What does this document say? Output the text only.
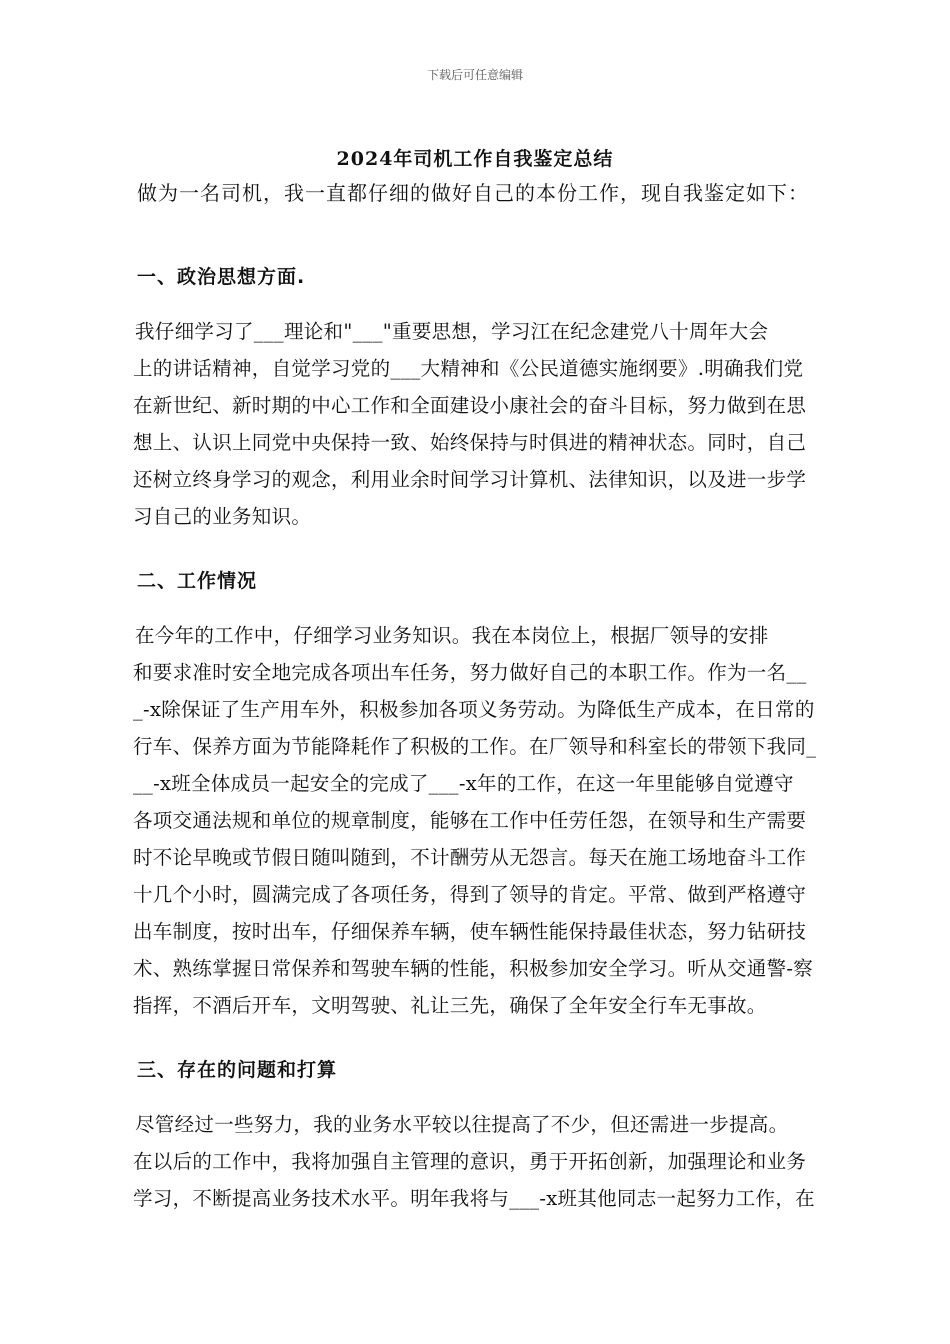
下载后可任意编辑
2024年司机工作自我鉴定总结
做为一名司机，我一直都仔细的做好自己的本份工作，现自我鉴定如下：
一、政治思想方面.
我仔细学习了___理论和"___"重要思想，学习江在纪念建党八十周年大会
上的讲话精神，自觉学习党的___大精神和《公民道德实施纲要》.明确我们党
在新世纪、新时期的中心工作和全面建设小康社会的奋斗目标，努力做到在思
想上、认识上同党中央保持一致、始终保持与时俱进的精神状态。同时，自己
还树立终身学习的观念，利用业余时间学习计算机、法律知识，以及进一步学
习自己的业务知识。
二、工作情况
在今年的工作中，仔细学习业务知识。我在本岗位上，根据厂领导的安排
和要求准时安全地完成各项出车任务，努力做好自己的本职工作。作为一名__
_-x除保证了生产用车外，积极参加各项义务劳动。为降低生产成本，在日常的
行车、保养方面为节能降耗作了积极的工作。在厂领导和科室长的带领下我同_
__-x班全体成员一起安全的完成了___-x年的工作，在这一年里能够自觉遵守
各项交通法规和单位的规章制度，能够在工作中任劳任怨，在领导和生产需要
时不论早晚或节假日随叫随到，不计酬劳从无怨言。每天在施工场地奋斗工作
十几个小时，圆满完成了各项任务，得到了领导的肯定。平常、做到严格遵守
出车制度，按时出车，仔细保养车辆，使车辆性能保持最佳状态，努力钻研技
术、熟练掌握日常保养和驾驶车辆的性能，积极参加安全学习。听从交通警-察
指挥，不酒后开车，文明驾驶、礼让三先，确保了全年安全行车无事故。
三、存在的问题和打算
尽管经过一些努力，我的业务水平较以往提高了不少，但还需进一步提高。
在以后的工作中，我将加强自主管理的意识，勇于开拓创新，加强理论和业务
学习，不断提高业务技术水平。明年我将与___-x班其他同志一起努力工作，在
